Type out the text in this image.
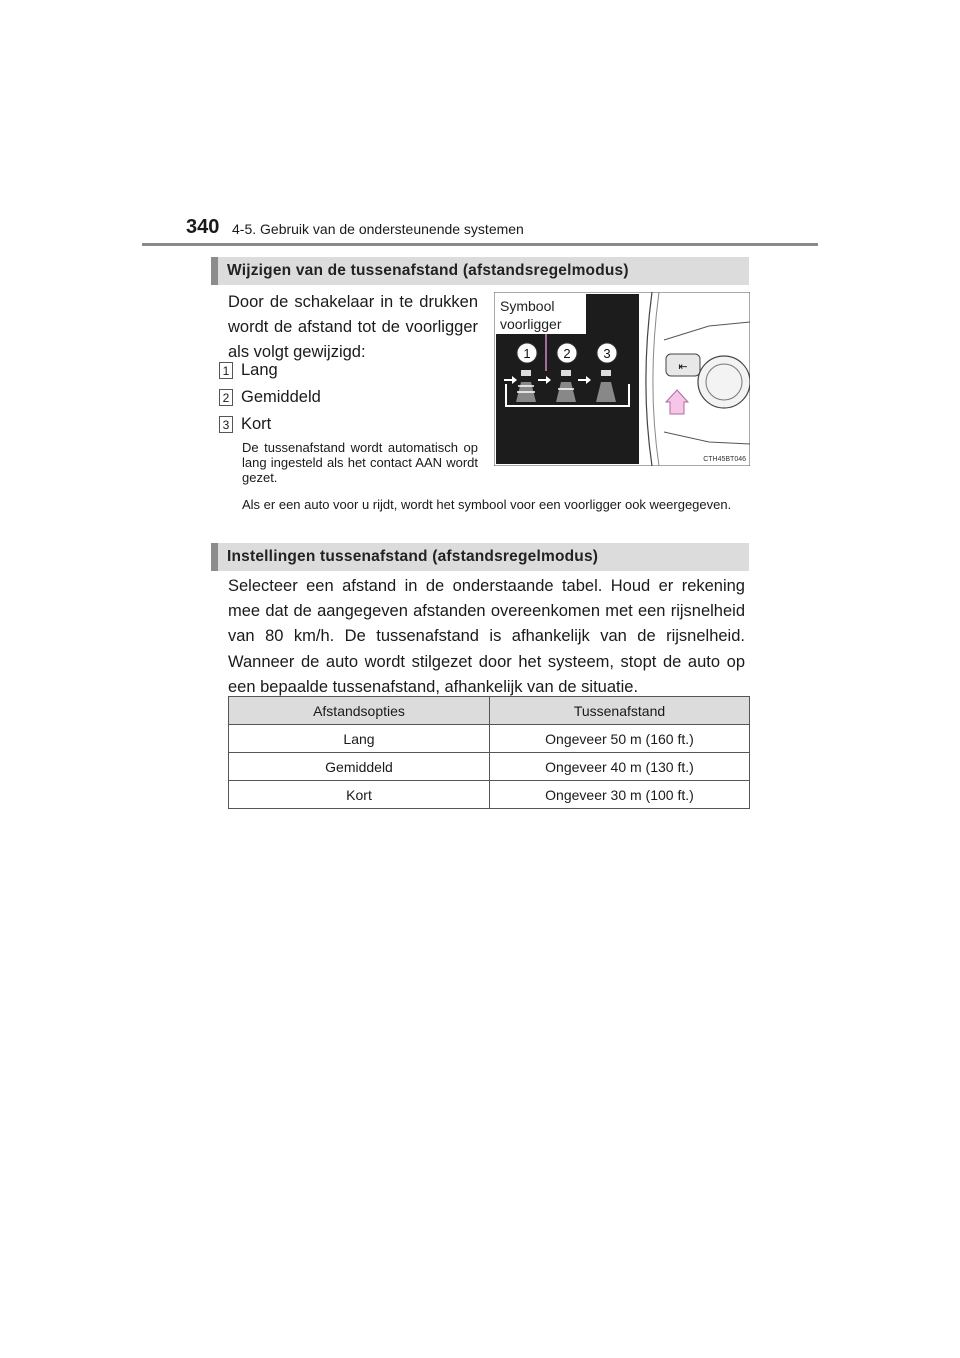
340 4-5. Gebruik van de ondersteunende systemen
Wijzigen van de tussenafstand (afstandsregelmodus)

Door de schakelaar in te drukken wordt de afstand tot de voorligger als volgt gewijzigd:

1 Lang
2 Gemiddeld
3 Kort

De tussenafstand wordt automatisch op lang ingesteld als het contact AAN wordt gezet.

Als er een auto voor u rijdt, wordt het symbool voor een voorligger ook weergegeven.

Symbool
voorligger
1	2	3
⇤
CTH45BT046
Instellingen tussenafstand (afstandsregelmodus)

Selecteer een afstand in de onderstaande tabel. Houd er rekening mee dat de aangegeven afstanden overeenkomen met een rijsnelheid van 80 km/h. De tussenafstand is afhankelijk van de rijsnelheid. Wanneer de auto wordt stilgezet door het systeem, stopt de auto op een bepaalde tussenafstand, afhankelijk van de situatie.

Afstandsopties	Tussenafstand
Lang	Ongeveer 50 m (160 ft.)
Gemiddeld	Ongeveer 40 m (130 ft.)
Kort	Ongeveer 30 m (100 ft.)
